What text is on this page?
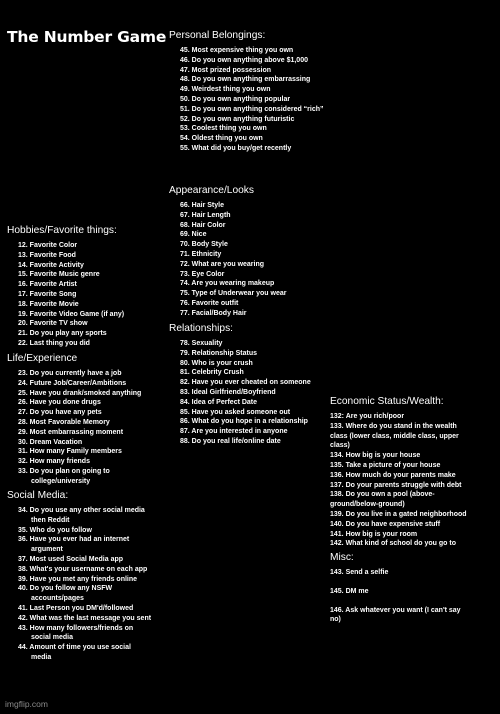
The Number Game
Hobbies/Favorite things:
12. Favorite Color
13. Favorite Food
14. Favorite Activity
15. Favorite Music genre
16. Favorite Artist
17. Favorite Song
18. Favorite Movie
19. Favorite Video Game (if any)
20. Favorite TV show
21. Do you play any sports
22. Last thing you did
Life/Experience
23. Do you currently have a job
24. Future Job/Career/Ambitions
25. Have you drank/smoked anything
26. Have you done drugs
27. Do you have any pets
28. Most Favorable Memory
29. Most embarrassing moment
30. Dream Vacation
31. How many Family members
32. How many friends
33. Do you plan on going to college/university
Social Media:
34. Do you use any other social media then Reddit
35. Who do you follow
36. Have you ever had an internet argument
37. Most used Social Media app
38. What's your username on each app
39. Have you met any friends online
40. Do you follow any NSFW accounts/pages
41. Last Person you DM'd/followed
42. What was the last message you sent
43. How many followers/friends on social media
44. Amount of time you use social media
Personal Belongings:
45. Most expensive thing you own
46. Do you own anything above $1,000
47. Most prized possession
48. Do you own anything embarrassing
49. Weirdest thing you own
50. Do you own anything popular
51. Do you own anything considered “rich”
52. Do you own anything futuristic
53. Coolest thing you own
54. Oldest thing you own
55. What did you buy/get recently
Appearance/Looks
66. Hair Style
67. Hair Length
68. Hair Color
69. Nice
70. Body Style
71. Ethnicity
72. What are you wearing
73. Eye Color
74. Are you wearing makeup
75. Type of Underwear you wear
76. Favorite outfit
77. Facial/Body Hair
Relationships:
78. Sexuality
79. Relationship Status
80. Who is your crush
81. Celebrity Crush
82. Have you ever cheated on someone
83. Ideal Girlfriend/Boyfriend
84. Idea of Perfect Date
85. Have you asked someone out
86. What do you hope in a relationship
87. Are you interested in anyone
88. Do you real life/online date
Economic Status/Wealth:
132: Are you rich/poor
133. Where do you stand in the wealth class (lower class, middle class, upper class)
134. How big is your house
135. Take a picture of your house
136. How much do your parents make
137. Do your parents struggle with debt
138. Do you own a pool (above-ground/below-ground)
139. Do you live in a gated neighborhood
140. Do you have expensive stuff
141. How big is your room
142. What kind of school do you go to
Misc:
143. Send a selfie
145. DM me
146. Ask whatever you want (I can't say no)
imgflip.com
